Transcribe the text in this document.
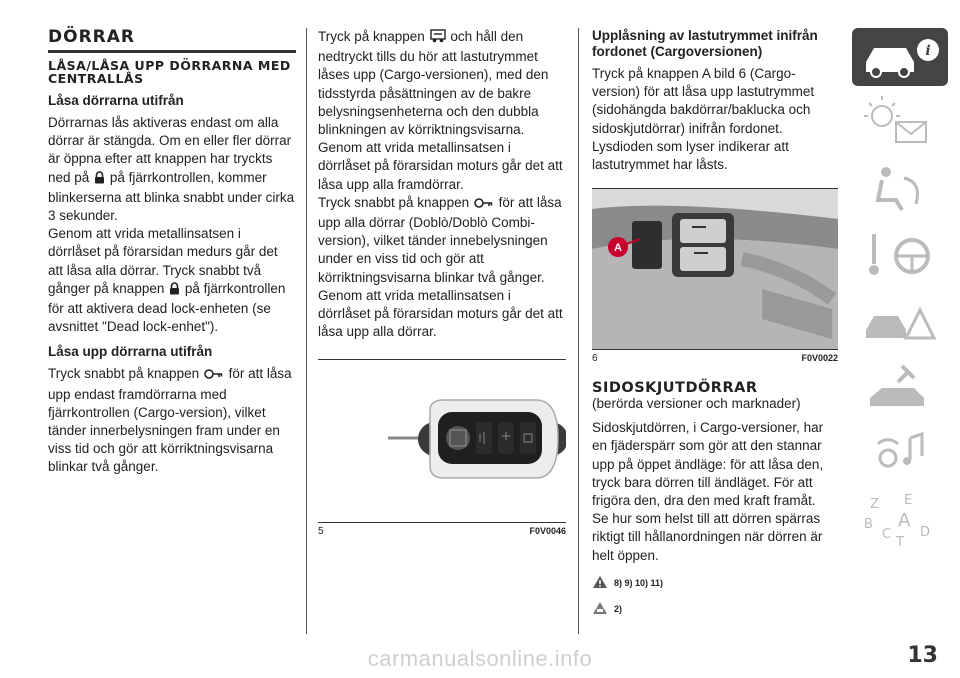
DÖRRAR
LÅSA/LÅSA UPP DÖRRARNA MED CENTRALLÅS
Låsa dörrarna utifrån

Dörrarnas lås aktiveras endast om alla dörrar är stängda. Om en eller fler dörrar är öppna efter att knappen har tryckts ned på på fjärrkontrollen, kommer blinkerserna att blinka snabbt under cirka 3 sekunder.
Genom att vrida metallinsatsen i dörrlåset på förarsidan medurs går det att låsa alla dörrar. Tryck snabbt två gånger på knappen på fjärrkontrollen för att aktivera dead lock-enheten (se avsnittet "Dead lock-enhet").

Låsa upp dörrarna utifrån

Tryck snabbt på knappen för att låsa upp endast framdörrarna med fjärrkontrollen (Cargo-version), vilket tänder innerbelysningen fram under en viss tid och gör att körriktningsvisarna blinkar två gånger.

Tryck på knappen och håll den nedtryckt tills du hör att lastutrymmet låses upp (Cargo-versionen), med den tidsstyrda påsättningen av de bakre belysningsenheterna och den dubbla blinkningen av körriktningsvisarna. Genom att vrida metallinsatsen i dörrlåset på förarsidan moturs går det att låsa upp alla framdörrar.
Tryck snabbt på knappen för att låsa upp alla dörrar (Doblò/Doblò Combi-version), vilket tänder innebelysningen under en viss tid och gör att körriktningsvisarna blinkar två gånger. Genom att vrida metallinsatsen i dörrlåset på förarsidan moturs går det att låsa upp alla dörrar.

5	F0V0046
Upplåsning av lastutrymmet inifrån fordonet (Cargoversionen)

Tryck på knappen A bild 6 (Cargo-version) för att låsa upp lastutrymmet (sidohängda bakdörrar/baklucka och sidoskjutdörrar) inifrån fordonet.
Lysdioden som lyser indikerar att lastutrymmet har låsts.

A
6	F0V0022
SIDOSKJUTDÖRRAR
(berörda versioner och marknader)

Sidoskjutdörren, i Cargo-versioner, har en fjäderspärr som gör att den stannar upp på öppet ändläge: för att låsa den, tryck bara dörren till ändläget. För att frigöra den, dra den med kraft framåt.
Se hur som helst till att dörren spärras riktigt till hållanordningen när dörren är helt öppen.

8) 9) 10) 11)
2)
i
Z E
B A
C D
T
13
carmanualsonline.info
